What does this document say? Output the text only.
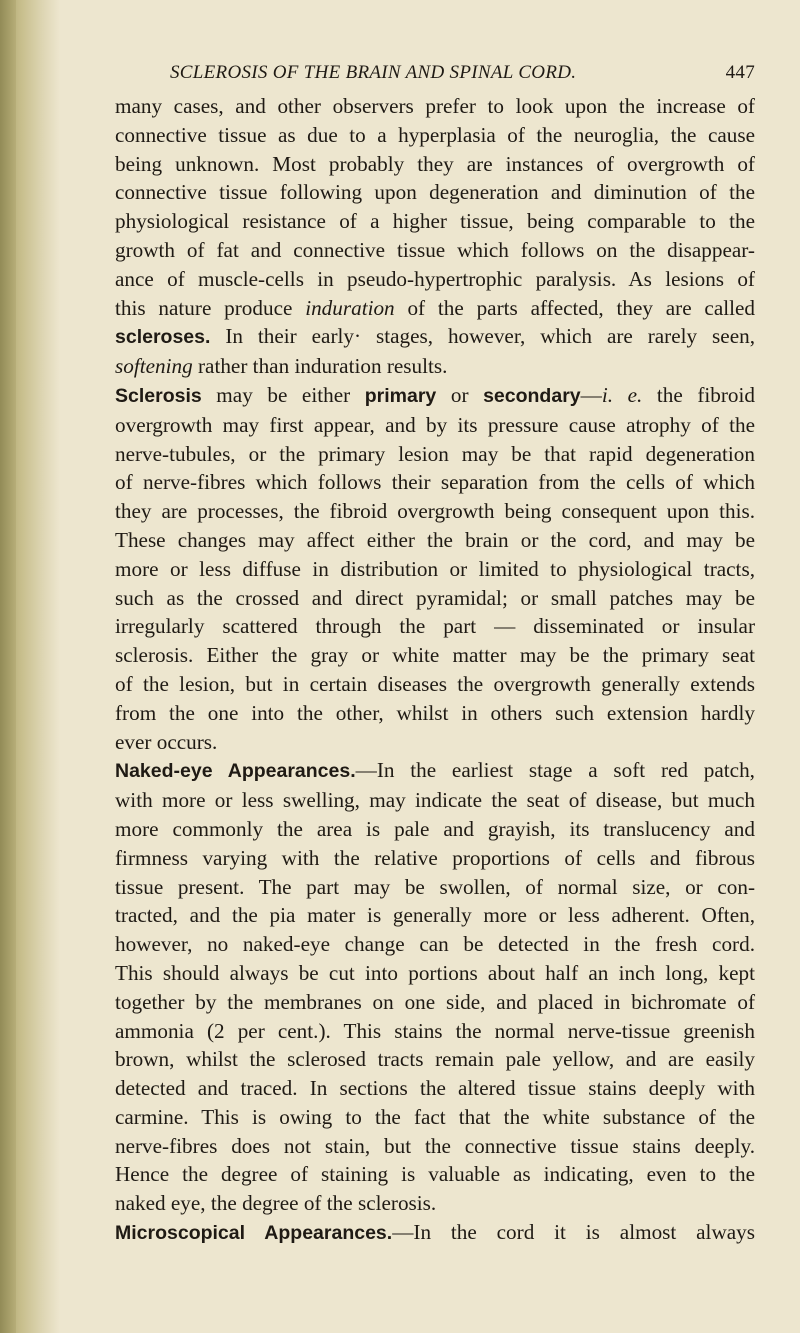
SCLEROSIS OF THE BRAIN AND SPINAL CORD.	447
many cases, and other observers prefer to look upon the increase of
connective tissue as due to a hyperplasia of the neuroglia, the cause
being unknown. Most probably they are instances of overgrowth of
connective tissue following upon degeneration and diminution of the
physiological resistance of a higher tissue, being comparable to the
growth of fat and connective tissue which follows on the disappear-
ance of muscle-cells in pseudo-hypertrophic paralysis. As lesions of
this nature produce induration of the parts affected, they are called
scleroses. In their early· stages, however, which are rarely seen,
softening rather than induration results.
Sclerosis may be either primary or secondary—i. e. the fibroid
overgrowth may first appear, and by its pressure cause atrophy of the
nerve-tubules, or the primary lesion may be that rapid degeneration
of nerve-fibres which follows their separation from the cells of which
they are processes, the fibroid overgrowth being consequent upon this.
These changes may affect either the brain or the cord, and may be
more or less diffuse in distribution or limited to physiological tracts,
such as the crossed and direct pyramidal; or small patches may be
irregularly scattered through the part — disseminated or insular
sclerosis. Either the gray or white matter may be the primary seat
of the lesion, but in certain diseases the overgrowth generally extends
from the one into the other, whilst in others such extension hardly
ever occurs.
Naked-eye Appearances.—In the earliest stage a soft red patch,
with more or less swelling, may indicate the seat of disease, but much
more commonly the area is pale and grayish, its translucency and
firmness varying with the relative proportions of cells and fibrous
tissue present. The part may be swollen, of normal size, or con-
tracted, and the pia mater is generally more or less adherent. Often,
however, no naked-eye change can be detected in the fresh cord.
This should always be cut into portions about half an inch long, kept
together by the membranes on one side, and placed in bichromate of
ammonia (2 per cent.). This stains the normal nerve-tissue greenish
brown, whilst the sclerosed tracts remain pale yellow, and are easily
detected and traced. In sections the altered tissue stains deeply with
carmine. This is owing to the fact that the white substance of the
nerve-fibres does not stain, but the connective tissue stains deeply.
Hence the degree of staining is valuable as indicating, even to the
naked eye, the degree of the sclerosis.
Microscopical Appearances.—In the cord it is almost always
